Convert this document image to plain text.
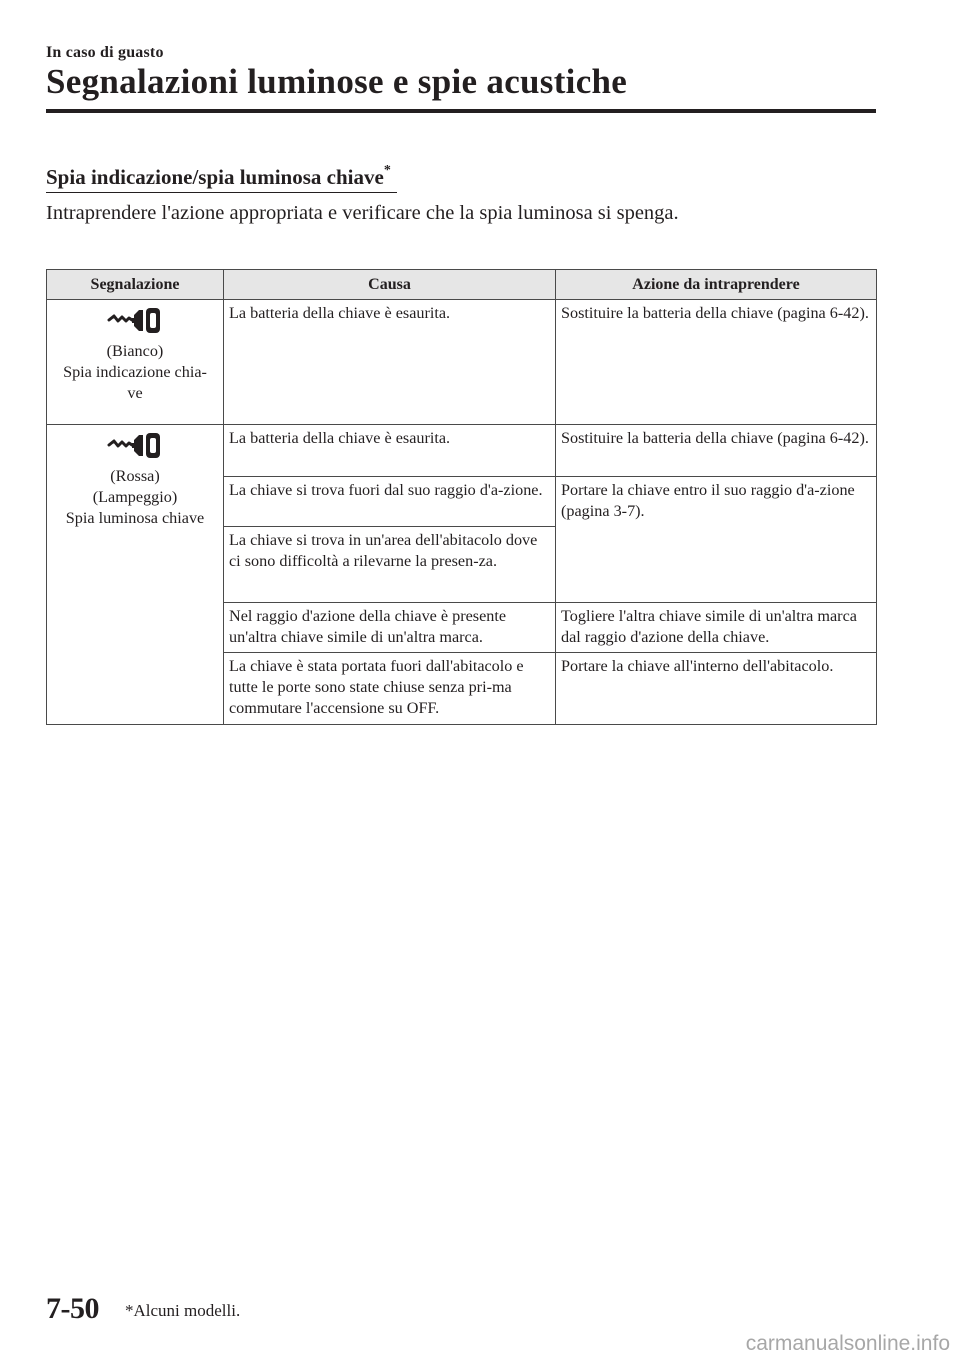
In caso di guasto
Segnalazioni luminose e spie acustiche
Spia indicazione/spia luminosa chiave*
Intraprendere l'azione appropriata e verificare che la spia luminosa si spenga.
Segnalazione	Causa	Azione da intraprendere

(Bianco)
Spia indicazione chia-
ve	La batteria della chiave è esaurita.	Sostituire la batteria della chiave (pagina 6-42).

(Rossa)
(Lampeggio)
Spia luminosa chiave	La batteria della chiave è esaurita.	Sostituire la batteria della chiave (pagina 6-42).
	La chiave si trova fuori dal suo raggio d'a-zione.	Portare la chiave entro il suo raggio d'a-zione (pagina 3-7).
	La chiave si trova in un'area dell'abitacolo dove ci sono difficoltà a rilevarne la presen-za.	
	Nel raggio d'azione della chiave è presente un'altra chiave simile di un'altra marca.	Togliere l'altra chiave simile di un'altra marca dal raggio d'azione della chiave.
	La chiave è stata portata fuori dall'abitacolo e tutte le porte sono state chiuse senza pri-ma commutare l'accensione su OFF.	Portare la chiave all'interno dell'abitacolo.
7-50 *Alcuni modelli.
carmanualsonline.info
